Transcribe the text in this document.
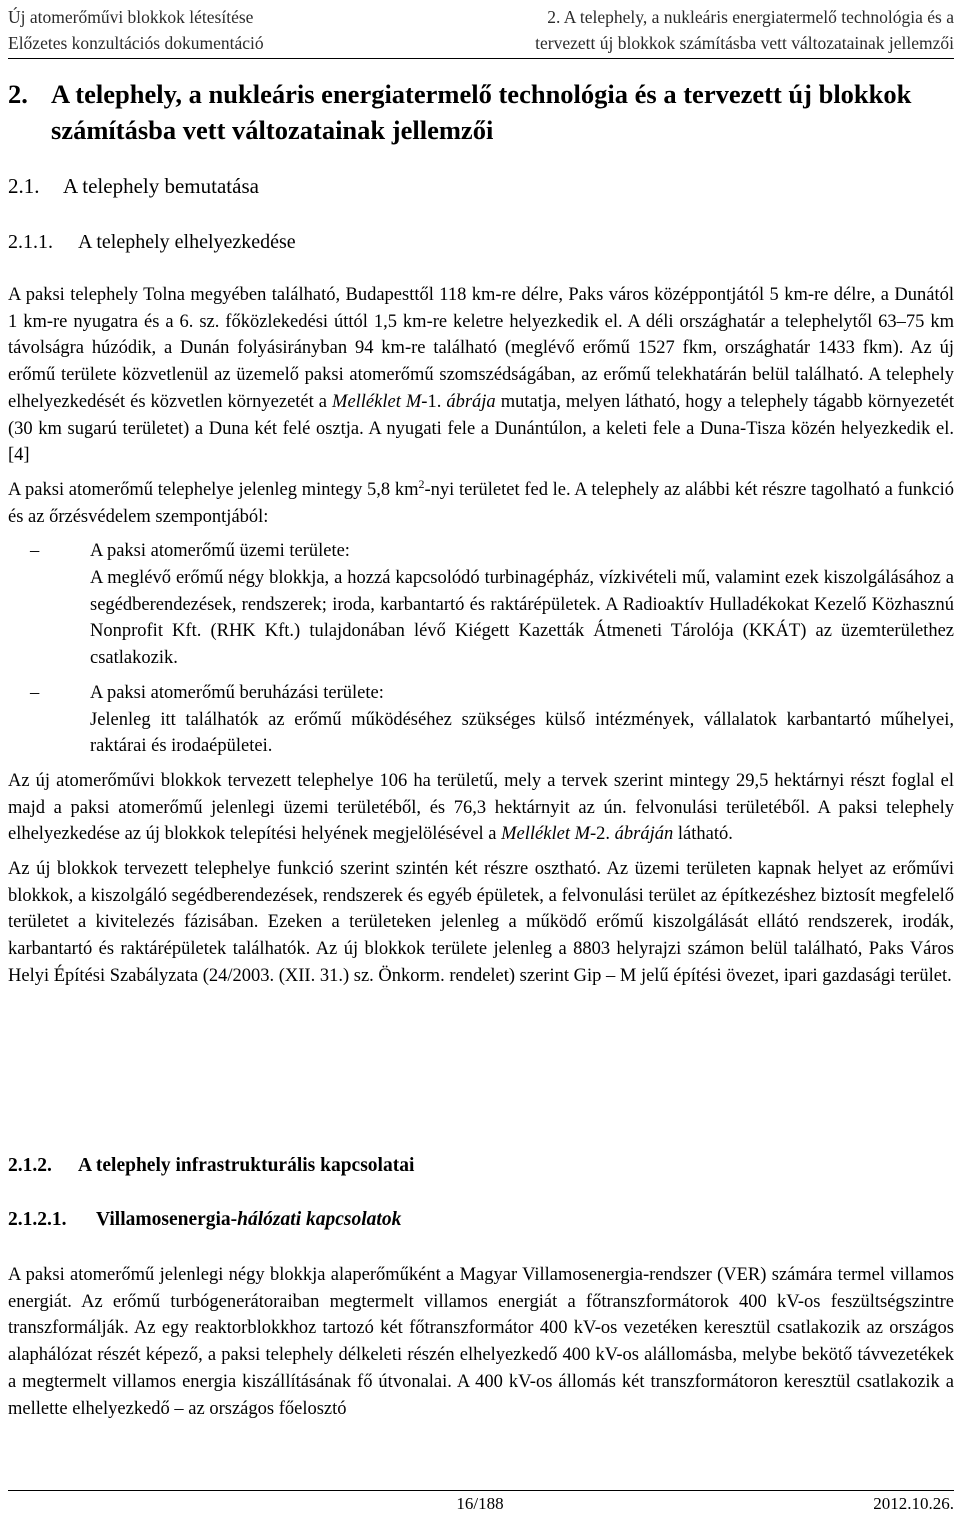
Új atomerőművi blokkok létesítése
Előzetes konzultációs dokumentáció
2. A telephely, a nukleáris energiatermelő technológia és a
tervezett új blokkok számításba vett változatainak jellemzői
2. A telephely, a nukleáris energiatermelő technológia és a tervezett új blokkok számításba vett változatainak jellemzői
2.1. A telephely bemutatása
2.1.1. A telephely elhelyezkedése

A paksi telephely Tolna megyében található, Budapesttől 118 km-re délre, Paks város középpontjától 5 km-re délre, a Dunától 1 km-re nyugatra és a 6. sz. főközlekedési úttól 1,5 km-re keletre helyezkedik el. A déli országhatár a telephelytől 63–75 km távolságra húzódik, a Dunán folyásirányban 94 km-re található (meglévő erőmű 1527 fkm, országhatár 1433 fkm). Az új erőmű területe közvetlenül az üzemelő paksi atomerőmű szomszédságában, az erőmű telekhatárán belül található. A telephely elhelyezkedését és közvetlen környezetét a Melléklet M-1. ábrája mutatja, melyen látható, hogy a telephely tágabb környezetét (30 km sugarú területet) a Duna két felé osztja. A nyugati fele a Dunántúlon, a keleti fele a Duna-Tisza közén helyezkedik el. [4]

A paksi atomerőmű telephelye jelenleg mintegy 5,8 $km^2$-nyi területet fed le. A telephely az alábbi két részre tagolható a funkció és az őrzésvédelem szempontjából:

–	A paksi atomerőmű üzemi területe:

A meglévő erőmű négy blokkja, a hozzá kapcsolódó turbinagépház, vízkivételi mű, valamint ezek kiszolgálásához a segédberendezések, rendszerek; iroda, karbantartó és raktárépületek. A Radioaktív Hulladékokat Kezelő Közhasznú Nonprofit Kft. (RHK Kft.) tulajdonában lévő Kiégett Kazetták Átmeneti Tárolója (KKÁT) az üzemterülethez csatlakozik.

–	A paksi atomerőmű beruházási területe:

Jelenleg itt találhatók az erőmű működéséhez szükséges külső intézmények, vállalatok karbantartó műhelyei, raktárai és irodaépületei.

Az új atomerőművi blokkok tervezett telephelye 106 ha területű, mely a tervek szerint mintegy 29,5 hektárnyi részt foglal el majd a paksi atomerőmű jelenlegi üzemi területéből, és 76,3 hektárnyit az ún. felvonulási területéből. A paksi telephely elhelyezkedése az új blokkok telepítési helyének megjelölésével a Melléklet M-2. ábráján látható.

Az új blokkok tervezett telephelye funkció szerint szintén két részre osztható. Az üzemi területen kapnak helyet az erőművi blokkok, a kiszolgáló segédberendezések, rendszerek és egyéb épületek, a felvonulási terület az építkezéshez biztosít megfelelő területet a kivitelezés fázisában. Ezeken a területeken jelenleg a működő erőmű kiszolgálását ellátó rendszerek, irodák, karbantartó és raktárépületek találhatók. Az új blokkok területe jelenleg a 8803 helyrajzi számon belül található, Paks Város Helyi Építési Szabályzata (24/2003. (XII. 31.) sz. Önkorm. rendelet) szerint Gip – M jelű építési övezet, ipari gazdasági terület.

2.1.2. A telephely infrastrukturális kapcsolatai
2.1.2.1. Villamosenergia-hálózati kapcsolatok

A paksi atomerőmű jelenlegi négy blokkja alaperőműként a Magyar Villamosenergia-rendszer (VER) számára termel villamos energiát. Az erőmű turbógenerátoraiban megtermelt villamos energiát a főtranszformátorok 400 kV-os feszültségszintre transzformálják. Az egy reaktorblokkhoz tartozó két főtranszformátor 400 kV-os vezetéken keresztül csatlakozik az országos alaphálózat részét képező, a paksi telephely délkeleti részén elhelyezkedő 400 kV-os alállomásba, melybe bekötő távvezetékek a megtermelt villamos energia kiszállításának fő útvonalai. A 400 kV-os állomás két transzformátoron keresztül csatlakozik a mellette elhelyezkedő – az országos főelosztó

16/188	2012.10.26.
